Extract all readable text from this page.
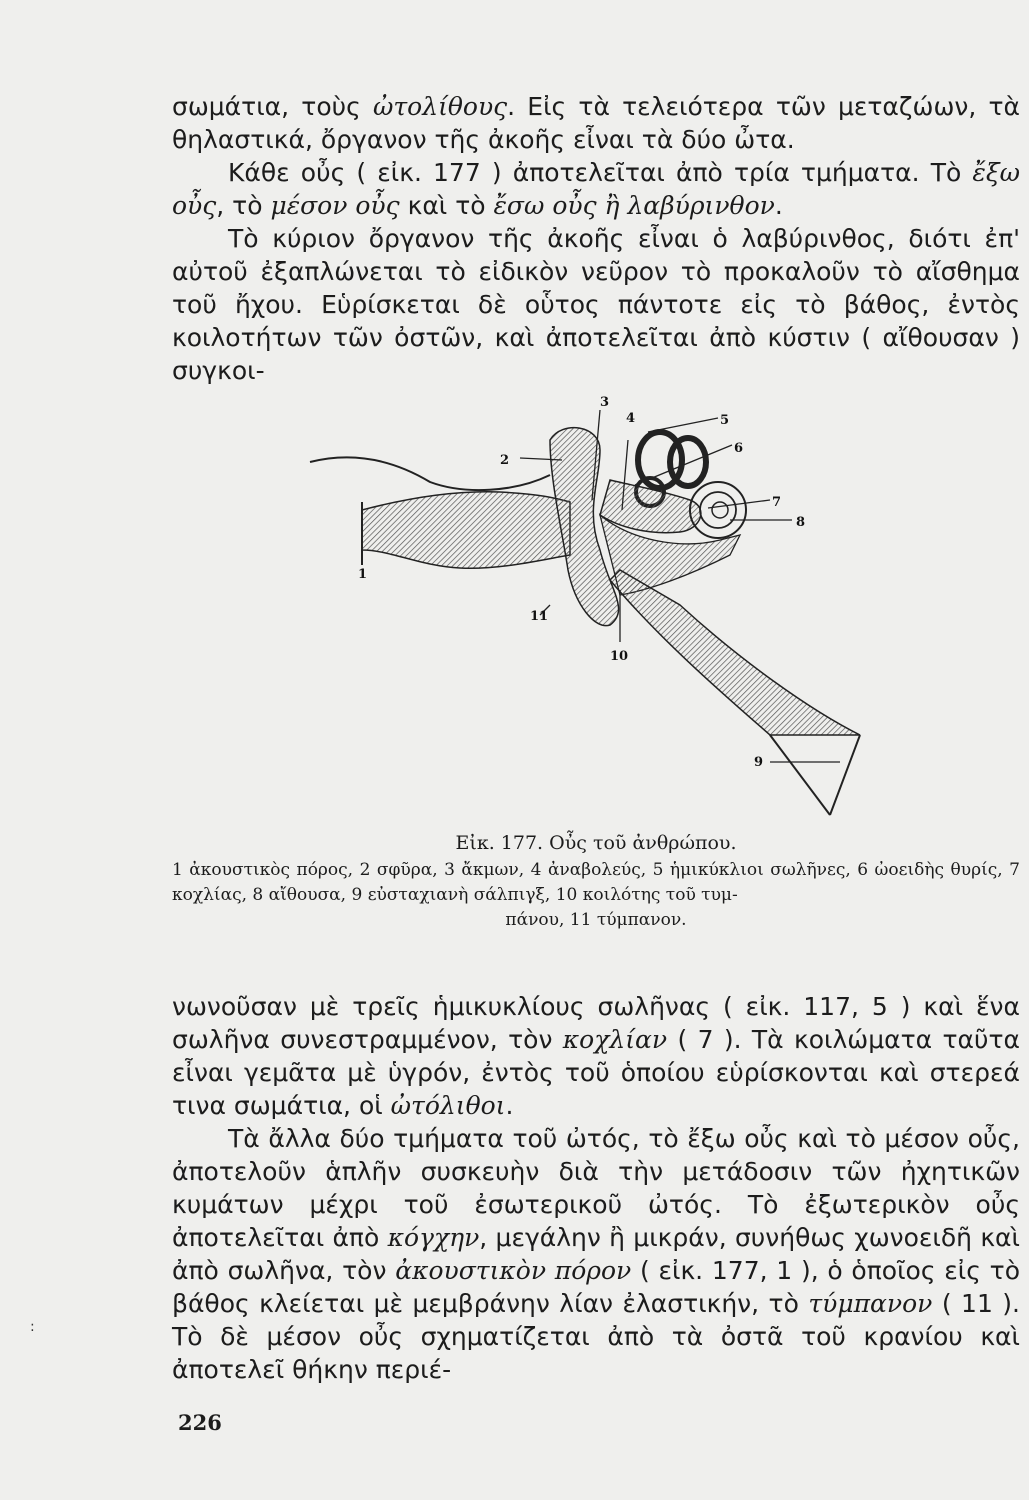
σωμάτια, τοὺς ὠτολίθους. Εἰς τὰ τελειότερα τῶν μεταζώων, τὰ θηλαστικά, ὄργανον τῆς ἀκοῆς εἶναι τὰ δύο ὦτα.

Κάθε οὖς ( εἰκ. 177 ) ἀποτελεῖται ἀπὸ τρία τμήματα. Τὸ ἔξω οὖς, τὸ μέσον οὖς καὶ τὸ ἔσω οὖς ἢ λαβύρινθον.

Τὸ κύριον ὄργανον τῆς ἀκοῆς εἶναι ὁ λαβύρινθος, διότι ἐπ' αὐτοῦ ἐξαπλώνεται τὸ εἰδικὸν νεῦρον τὸ προκαλοῦν τὸ αἴσθημα τοῦ ἤχου. Εὑρίσκεται δὲ οὗτος πάντοτε εἰς τὸ βάθος, ἐντὸς κοιλοτήτων τῶν ὀστῶν, καὶ ἀποτελεῖται ἀπὸ κύστιν ( αἴθουσαν ) συγκοι-

1
2
3
4	5
6
7
8
9
10
11
Εἰκ. 177. Οὖς τοῦ ἀνθρώπου.

1 ἀκουστικὸς πόρος, 2 σφῦρα, 3 ἄκμων, 4 ἀναβολεύς, 5 ἡμικύκλιοι σωλῆνες, 6 ὠοειδὴς θυρίς, 7 κοχλίας, 8 αἴθουσα, 9 εὐσταχιανὴ σάλπιγξ, 10 κοιλότης τοῦ τυμ-
πάνου, 11 τύμπανον.

νωνοῦσαν μὲ τρεῖς ἡμικυκλίους σωλῆνας ( εἰκ. 117, 5 ) καὶ ἕνα σωλῆνα συνεστραμμένον, τὸν κοχλίαν ( 7 ). Τὰ κοιλώματα ταῦτα εἶναι γεμᾶτα μὲ ὑγρόν, ἐντὸς τοῦ ὁποίου εὑρίσκονται καὶ στερεά τινα σωμάτια, οἱ ὠτόλιθοι.

Τὰ ἄλλα δύο τμήματα τοῦ ὠτός, τὸ ἔξω οὖς καὶ τὸ μέσον οὖς, ἀποτελοῦν ἁπλῆν συσκευὴν διὰ τὴν μετάδοσιν τῶν ἠχητικῶν κυμάτων μέχρι τοῦ ἐσωτερικοῦ ὠτός. Τὸ ἐξωτερικὸν οὖς ἀποτελεῖται ἀπὸ κόγχην, μεγάλην ἢ μικράν, συνήθως χωνοειδῆ καὶ ἀπὸ σωλῆνα, τὸν ἀκουστικὸν πόρον ( εἰκ. 177, 1 ), ὁ ὁποῖος εἰς τὸ βάθος κλείεται μὲ μεμβράνην λίαν ἐλαστικήν, τὸ τύμπανον ( 11 ). Τὸ δὲ μέσον οὖς σχηματίζεται ἀπὸ τὰ ὀστᾶ τοῦ κρανίου καὶ ἀποτελεῖ θήκην περιέ-

:
226
